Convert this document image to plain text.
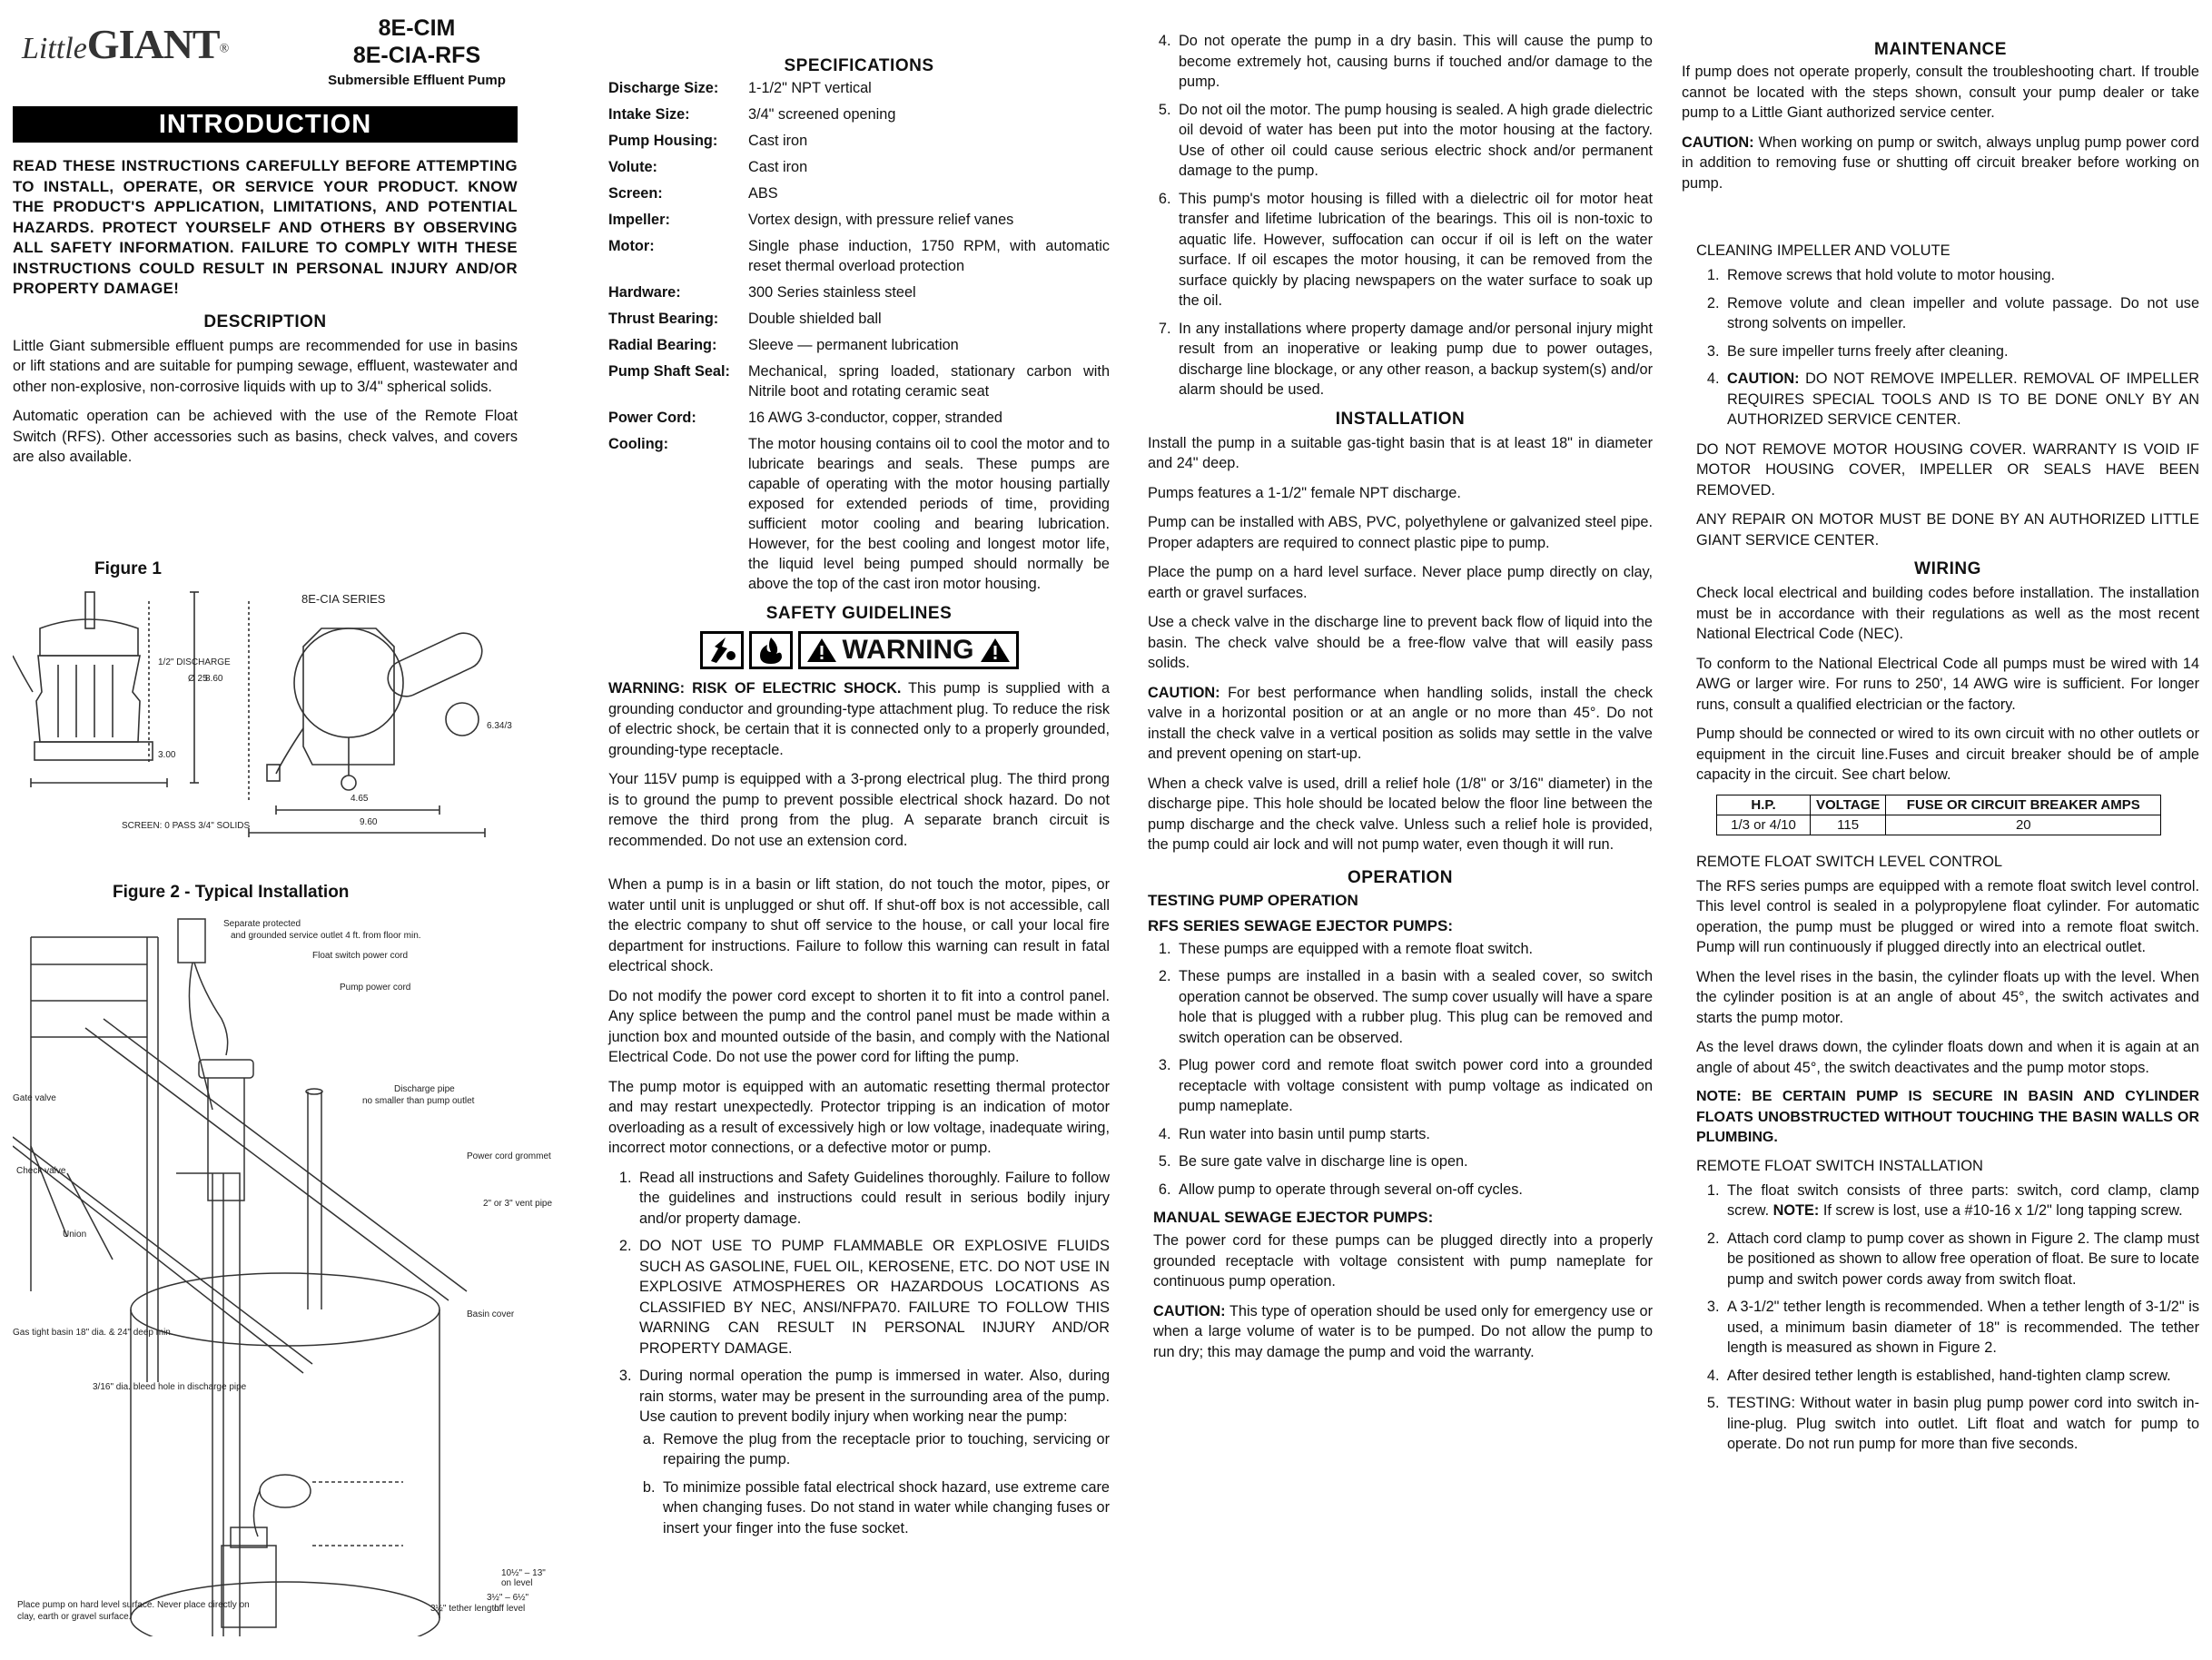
LittleGIANT®
8E-CIM
8E-CIA-RFS
Submersible Effluent Pump
INTRODUCTION

READ THESE INSTRUCTIONS CAREFULLY BEFORE ATTEMPTING TO INSTALL, OPERATE, OR SERVICE YOUR PRODUCT. KNOW THE PRODUCT'S APPLICATION, LIMITATIONS, AND POTENTIAL HAZARDS. PROTECT YOURSELF AND OTHERS BY OBSERVING ALL SAFETY INFORMATION. FAILURE TO COMPLY WITH THESE INSTRUCTIONS COULD RESULT IN PERSONAL INJURY AND/OR PROPERTY DAMAGE!

DESCRIPTION

Little Giant submersible effluent pumps are recommended for use in basins or lift stations and are suitable for pumping sewage, effluent, wastewater and other non-explosive, non-corrosive liquids with up to 3/4" spherical solids.

Automatic operation can be achieved with the use of the Remote Float Switch (RFS). Other accessories such as basins, check valves, and covers are also available.

Figure 1
8E-CIA SERIES
1/2" DISCHARGE
SCREEN: 0 PASS 3/4" SOLIDS
8.60
3.00
Ø 25
4.65
9.60
6.34/3
Figure 2 - Typical Installation
Separate protected
and grounded service outlet 4 ft. from floor min.
Float switch power cord
Pump power cord
Gate valve
Discharge pipe
no smaller than pump outlet
Check valve
Power cord grommet
2" or 3" vent pipe
Union
Basin cover
Gas tight basin 18" dia. & 24" deep min.
3/16" dia. bleed hole in discharge pipe
Place pump on hard level surface. Never place directly on
clay, earth or gravel surface.
10½" – 13"
on level
3½" – 6½"
off level
3½" tether length
SPECIFICATIONS
Discharge Size:	1-1/2" NPT vertical
Intake Size:	3/4" screened opening
Pump Housing:	Cast iron
Volute:	Cast iron
Screen:	ABS
Impeller:	Vortex design, with pressure relief vanes
Motor:	Single phase induction, 1750 RPM, with automatic reset thermal overload protection
Hardware:	300 Series stainless steel
Thrust Bearing:	Double shielded ball
Radial Bearing:	Sleeve — permanent lubrication
Pump Shaft Seal:	Mechanical, spring loaded, stationary carbon with Nitrile boot and rotating ceramic seat
Power Cord:	16 AWG 3-conductor, copper, stranded
Cooling:	The motor housing contains oil to cool the motor and to lubricate bearings and seals. These pumps are capable of operating with the motor housing partially exposed for extended periods of time, providing sufficient motor cooling and bearing lubrication. However, for the best cooling and longest motor life, the liquid level being pumped should normally be above the top of the cast iron motor housing.
SAFETY GUIDELINES
WARNING

WARNING: RISK OF ELECTRIC SHOCK. This pump is supplied with a grounding conductor and grounding-type attachment plug. To reduce the risk of electric shock, be certain that it is connected only to a properly grounded, grounding-type receptacle.

Your 115V pump is equipped with a 3-prong electrical plug. The third prong is to ground the pump to prevent possible electrical shock hazard. Do not remove the third prong from the plug. A separate branch circuit is recommended. Do not use an extension cord.

When a pump is in a basin or lift station, do not touch the motor, pipes, or water until unit is unplugged or shut off. If shut-off box is not accessible, call the electric company to shut off service to the house, or call your local fire department for instructions. Failure to follow this warning can result in fatal electrical shock.

Do not modify the power cord except to shorten it to fit into a control panel. Any splice between the pump and the control panel must be made within a junction box and mounted outside of the basin, and comply with the National Electrical Code. Do not use the power cord for lifting the pump.

The pump motor is equipped with an automatic resetting thermal protector and may restart unexpectedly. Protector tripping is an indication of motor overloading as a result of excessively high or low voltage, inadequate wiring, incorrect motor connections, or a defective motor or pump.

1. Read all instructions and Safety Guidelines thoroughly. Failure to follow the guidelines and instructions could result in serious bodily injury and/or property damage.
2. DO NOT USE TO PUMP FLAMMABLE OR EXPLOSIVE FLUIDS SUCH AS GASOLINE, FUEL OIL, KEROSENE, ETC. DO NOT USE IN EXPLOSIVE ATMOSPHERES OR HAZARDOUS LOCATIONS AS CLASSIFIED BY NEC, ANSI/NFPA70. FAILURE TO FOLLOW THIS WARNING CAN RESULT IN PERSONAL INJURY AND/OR PROPERTY DAMAGE.
3. During normal operation the pump is immersed in water. Also, during rain storms, water may be present in the surrounding area of the pump. Use caution to prevent bodily injury when working near the pump:
a. Remove the plug from the receptacle prior to touching, servicing or repairing the pump.
b. To minimize possible fatal electrical shock hazard, use extreme care when changing fuses. Do not stand in water while changing fuses or insert your finger into the fuse socket.
4. Do not operate the pump in a dry basin. This will cause the pump to become extremely hot, causing burns if touched and/or damage to the pump.
5. Do not oil the motor. The pump housing is sealed. A high grade dielectric oil devoid of water has been put into the motor housing at the factory. Use of other oil could cause serious electric shock and/or permanent damage to the pump.
6. This pump's motor housing is filled with a dielectric oil for motor heat transfer and lifetime lubrication of the bearings. This oil is non-toxic to aquatic life. However, suffocation can occur if oil is left on the water surface. If oil escapes the motor housing, it can be removed from the surface quickly by placing newspapers on the water surface to soak up the oil.
7. In any installations where property damage and/or personal injury might result from an inoperative or leaking pump due to power outages, discharge line blockage, or any other reason, a backup system(s) and/or alarm should be used.
INSTALLATION

Install the pump in a suitable gas-tight basin that is at least 18" in diameter and 24" deep.

Pumps features a 1-1/2" female NPT discharge.

Pump can be installed with ABS, PVC, polyethylene or galvanized steel pipe. Proper adapters are required to connect plastic pipe to pump.

Place the pump on a hard level surface. Never place pump directly on clay, earth or gravel surfaces.

Use a check valve in the discharge line to prevent back flow of liquid into the basin. The check valve should be a free-flow valve that will easily pass solids.

CAUTION: For best performance when handling solids, install the check valve in a horizontal position or at an angle or no more than 45°. Do not install the check valve in a vertical position as solids may settle in the valve and prevent opening on start-up.

When a check valve is used, drill a relief hole (1/8" or 3/16" diameter) in the discharge pipe. This hole should be located below the floor line between the pump discharge and the check valve. Unless such a relief hole is provided, the pump could air lock and will not pump water, even though it will run.

OPERATION
TESTING PUMP OPERATION
RFS SERIES SEWAGE EJECTOR PUMPS:
1. These pumps are equipped with a remote float switch.
2. These pumps are installed in a basin with a sealed cover, so switch operation cannot be observed. The sump cover usually will have a spare hole that is plugged with a rubber plug. This plug can be removed and switch operation can be observed.
3. Plug power cord and remote float switch power cord into a grounded receptacle with voltage consistent with pump voltage as indicated on pump nameplate.
4. Run water into basin until pump starts.
5. Be sure gate valve in discharge line is open.
6. Allow pump to operate through several on-off cycles.
MANUAL SEWAGE EJECTOR PUMPS:

The power cord for these pumps can be plugged directly into a properly grounded receptacle with voltage consistent with pump nameplate for continuous pump operation.

CAUTION: This type of operation should be used only for emergency use or when a large volume of water is to be pumped. Do not allow the pump to run dry; this may damage the pump and void the warranty.

MAINTENANCE

If pump does not operate properly, consult the troubleshooting chart. If trouble cannot be located with the steps shown, consult your pump dealer or take pump to a Little Giant authorized service center.

CAUTION: When working on pump or switch, always unplug pump power cord in addition to removing fuse or shutting off circuit breaker before working on pump.

CLEANING IMPELLER AND VOLUTE
1. Remove screws that hold volute to motor housing.
2. Remove volute and clean impeller and volute passage. Do not use strong solvents on impeller.
3. Be sure impeller turns freely after cleaning.
4. CAUTION: DO NOT REMOVE IMPELLER. REMOVAL OF IMPELLER REQUIRES SPECIAL TOOLS AND IS TO BE DONE ONLY BY AN AUTHORIZED SERVICE CENTER.

DO NOT REMOVE MOTOR HOUSING COVER. WARRANTY IS VOID IF MOTOR HOUSING COVER, IMPELLER OR SEALS HAVE BEEN REMOVED.

ANY REPAIR ON MOTOR MUST BE DONE BY AN AUTHORIZED LITTLE GIANT SERVICE CENTER.

WIRING

Check local electrical and building codes before installation. The installation must be in accordance with their regulations as well as the most recent National Electrical Code (NEC).

To conform to the National Electrical Code all pumps must be wired with 14 AWG or larger wire. For runs to 250', 14 AWG wire is sufficient. For longer runs, consult a qualified electrician or the factory.

Pump should be connected or wired to its own circuit with no other outlets or equipment in the circuit line.Fuses and circuit breaker should be of ample capacity in the circuit. See chart below.

H.P.	VOLTAGE	FUSE OR CIRCUIT BREAKER AMPS
1/3 or 4/10	115	20
REMOTE FLOAT SWITCH LEVEL CONTROL

The RFS series pumps are equipped with a remote float switch level control. This level control is sealed in a polypropylene float cylinder. For automatic operation, the pump must be plugged or wired into a remote float switch. Pump will run continuously if plugged directly into an electrical outlet.

When the level rises in the basin, the cylinder floats up with the level. When the cylinder position is at an angle of about 45°, the switch activates and starts the pump motor.

As the level draws down, the cylinder floats down and when it is again at an angle of about 45°, the switch deactivates and the pump motor stops.

NOTE: BE CERTAIN PUMP IS SECURE IN BASIN AND CYLINDER FLOATS UNOBSTRUCTED WITHOUT TOUCHING THE BASIN WALLS OR PLUMBING.

REMOTE FLOAT SWITCH INSTALLATION
1. The float switch consists of three parts: switch, cord clamp, clamp screw. NOTE: If screw is lost, use a #10-16 x 1/2" long tapping screw.
2. Attach cord clamp to pump cover as shown in Figure 2. The clamp must be positioned as shown to allow free operation of float. Be sure to locate pump and switch power cords away from switch float.
3. A 3-1/2" tether length is recommended. When a tether length of 3-1/2" is used, a minimum basin diameter of 18" is recommended. The tether length is measured as shown in Figure 2.
4. After desired tether length is established, hand-tighten clamp screw.
5. TESTING: Without water in basin plug pump power cord into switch in-line-plug. Plug switch into outlet. Lift float and watch for pump to operate. Do not run pump for more than five seconds.
